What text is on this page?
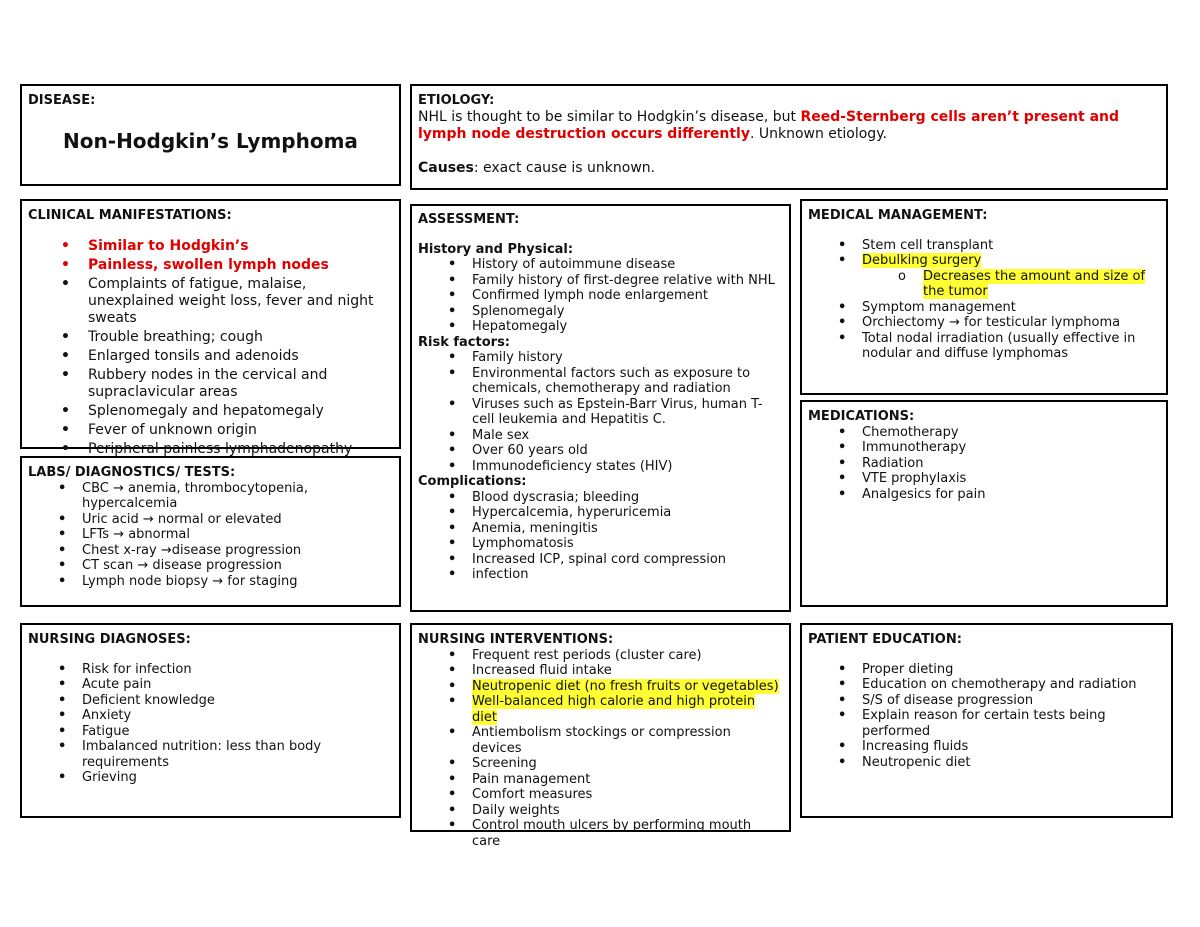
DISEASE:
Non-Hodgkin’s Lymphoma
ETIOLOGY:

NHL is thought to be similar to Hodgkin’s disease, but Reed-Sternberg cells aren’t present and lymph node destruction occurs differently. Unknown etiology.

Causes: exact cause is unknown.

CLINICAL MANIFESTATIONS:
• Similar to Hodgkin’s
• Painless, swollen lymph nodes
• Complaints of fatigue, malaise, unexplained weight loss, fever and night sweats
• Trouble breathing; cough
• Enlarged tonsils and adenoids
• Rubbery nodes in the cervical and supraclavicular areas
• Splenomegaly and hepatomegaly
• Fever of unknown origin
• Peripheral painless lymphadenopathy
ASSESSMENT:
History and Physical:
• History of autoimmune disease
• Family history of first-degree relative with NHL
• Confirmed lymph node enlargement
• Splenomegaly
• Hepatomegaly
Risk factors:
• Family history
• Environmental factors such as exposure to chemicals, chemotherapy and radiation
• Viruses such as Epstein-Barr Virus, human T-cell leukemia and Hepatitis C.
• Male sex
• Over 60 years old
• Immunodeficiency states (HIV)
Complications:
• Blood dyscrasia; bleeding
• Hypercalcemia, hyperuricemia
• Anemia, meningitis
• Lymphomatosis
• Increased ICP, spinal cord compression
• infection
MEDICAL MANAGEMENT:
• Stem cell transplant
• Debulking surgery
o Decreases the amount and size of the tumor
• Symptom management
• Orchiectomy → for testicular lymphoma
• Total nodal irradiation (usually effective in nodular and diffuse lymphomas
LABS/ DIAGNOSTICS/ TESTS:
• CBC → anemia, thrombocytopenia, hypercalcemia
• Uric acid → normal or elevated
• LFTs → abnormal
• Chest x-ray →disease progression
• CT scan → disease progression
• Lymph node biopsy → for staging
MEDICATIONS:
• Chemotherapy
• Immunotherapy
• Radiation
• VTE prophylaxis
• Analgesics for pain
NURSING DIAGNOSES:
• Risk for infection
• Acute pain
• Deficient knowledge
• Anxiety
• Fatigue
• Imbalanced nutrition: less than body requirements
• Grieving
NURSING INTERVENTIONS:
• Frequent rest periods (cluster care)
• Increased fluid intake
• Neutropenic diet (no fresh fruits or vegetables)
• Well-balanced high calorie and high protein diet
• Antiembolism stockings or compression devices
• Screening
• Pain management
• Comfort measures
• Daily weights
• Control mouth ulcers by performing mouth care
PATIENT EDUCATION:
• Proper dieting
• Education on chemotherapy and radiation
• S/S of disease progression
• Explain reason for certain tests being performed
• Increasing fluids
• Neutropenic diet
